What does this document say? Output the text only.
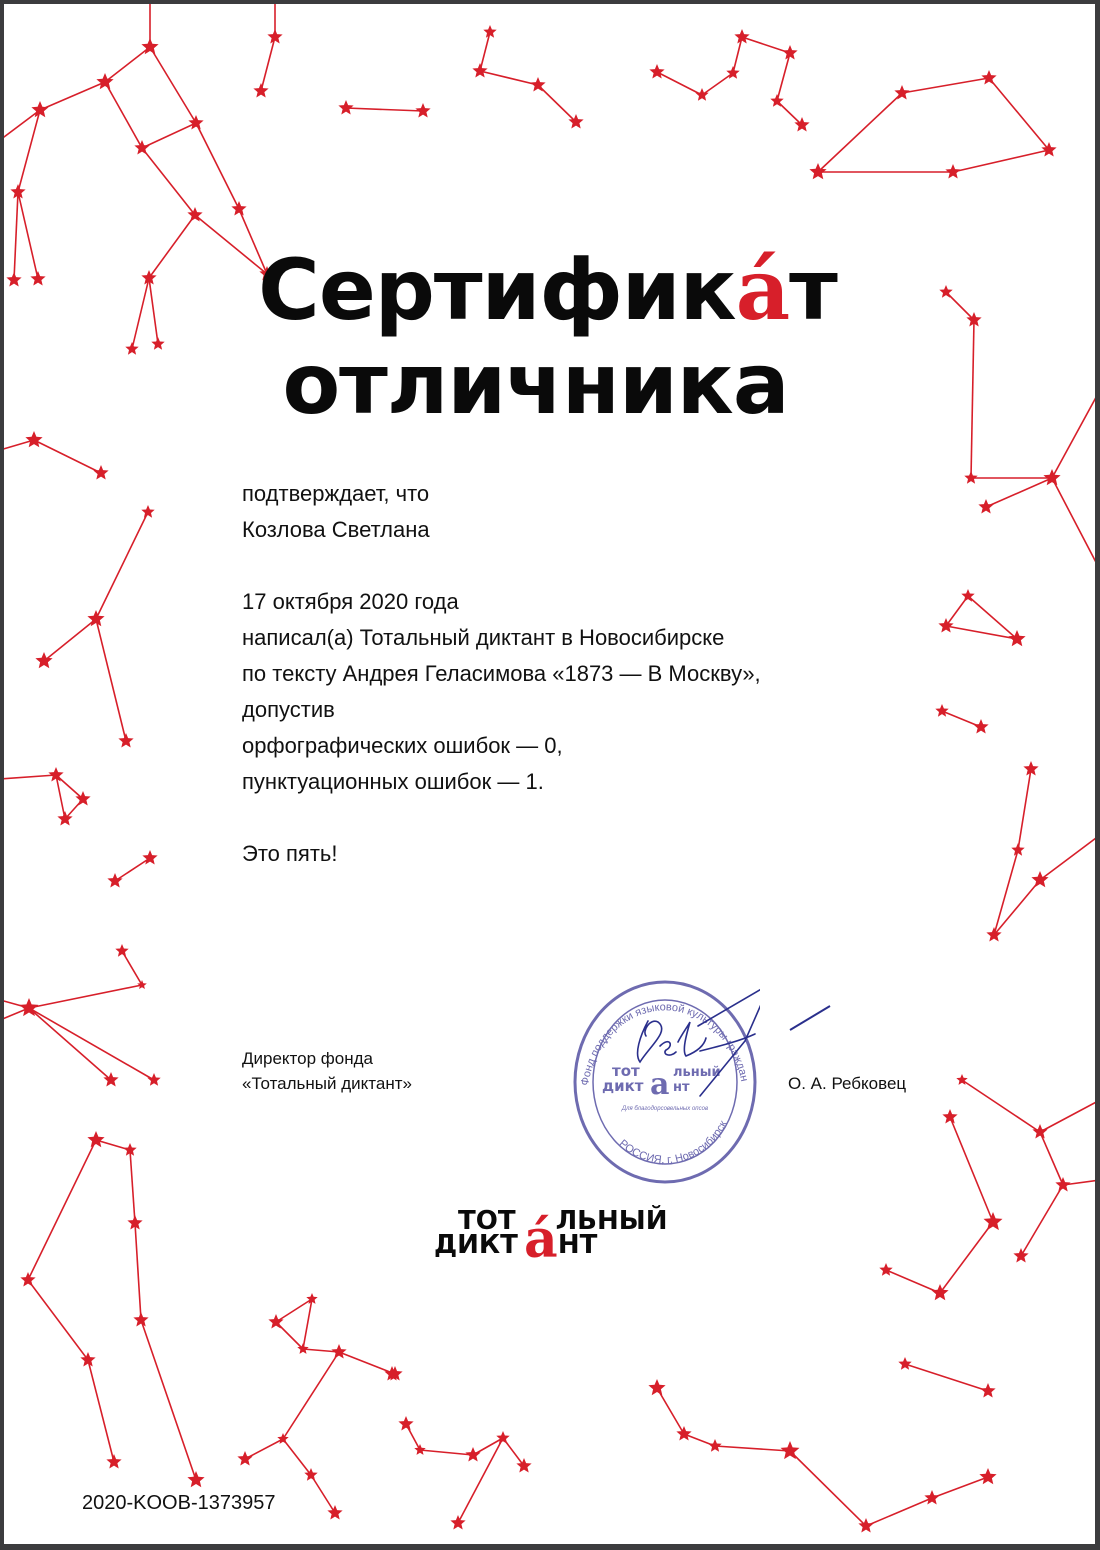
Сертифика́т
отличника
подтверждает, что
Козлова Светлана
17 октября 2020 года
написал(а) Тотальный диктант в Новосибирске
по тексту Андрея Геласимова «1873 — В Москву»,
допустив
орфографических ошибок — 0,
пунктуационных ошибок — 1.
Это пять!
Директор фонда
«Тотальный диктант»	Фонд поддержки языковой культуры граждан
РОССИЯ, г. Новосибирск
тот
дикт а льный
нт
Для благодорсовельных опсов
О. А. Ребковец
ТОТ ЛЬНЫЙ
ДИКТ НТ
а́
2020-KOOB-1373957
